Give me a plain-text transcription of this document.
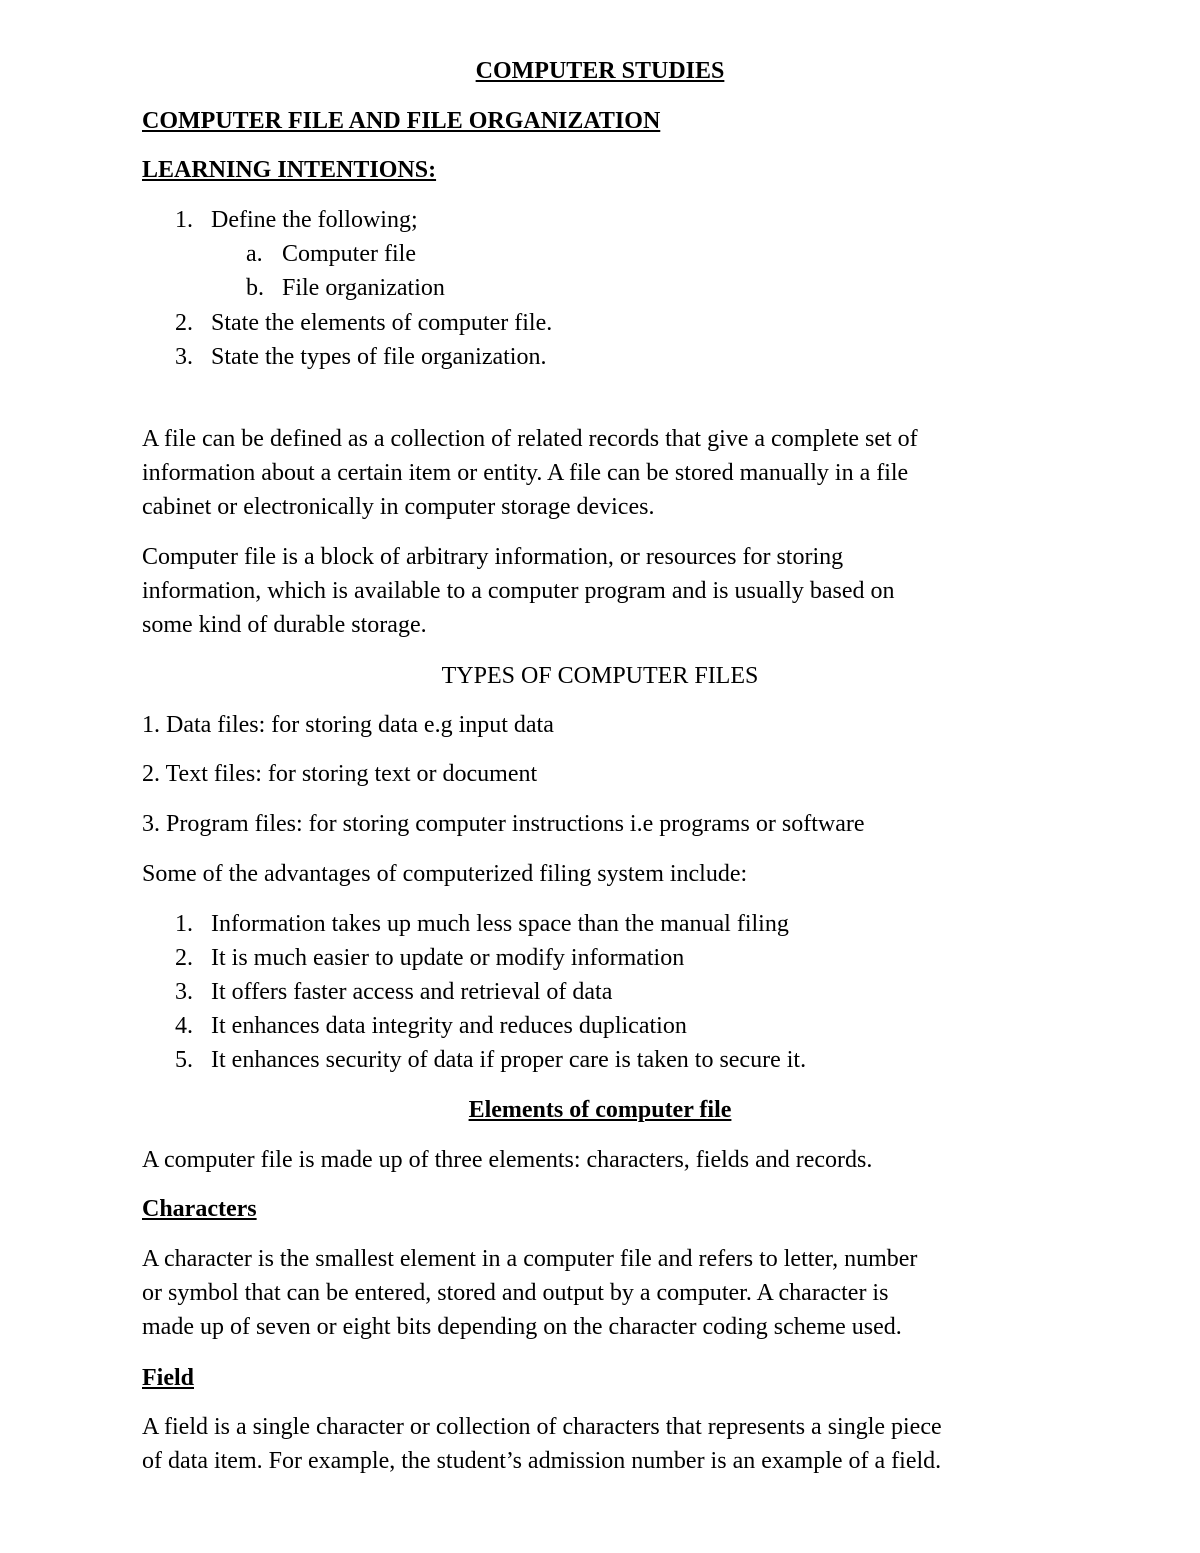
COMPUTER STUDIES
COMPUTER FILE AND FILE ORGANIZATION
LEARNING INTENTIONS:
1. Define the following;
a. Computer file
b. File organization
2. State the elements of computer file.
3. State the types of file organization.
A file can be defined as a collection of related records that give a complete set of
information about a certain item or entity. A file can be stored manually in a file
cabinet or electronically in computer storage devices.
Computer file is a block of arbitrary information, or resources for storing
information, which is available to a computer program and is usually based on
some kind of durable storage.
TYPES OF COMPUTER FILES
1. Data files: for storing data e.g input data
2. Text files: for storing text or document
3. Program files: for storing computer instructions i.e programs or software
Some of the advantages of computerized filing system include:
1. Information takes up much less space than the manual filing
2. It is much easier to update or modify information
3. It offers faster access and retrieval of data
4. It enhances data integrity and reduces duplication
5. It enhances security of data if proper care is taken to secure it.
Elements of computer file
A computer file is made up of three elements: characters, fields and records.
Characters
A character is the smallest element in a computer file and refers to letter, number
or symbol that can be entered, stored and output by a computer. A character is
made up of seven or eight bits depending on the character coding scheme used.
Field
A field is a single character or collection of characters that represents a single piece
of data item. For example, the student’s admission number is an example of a field.
